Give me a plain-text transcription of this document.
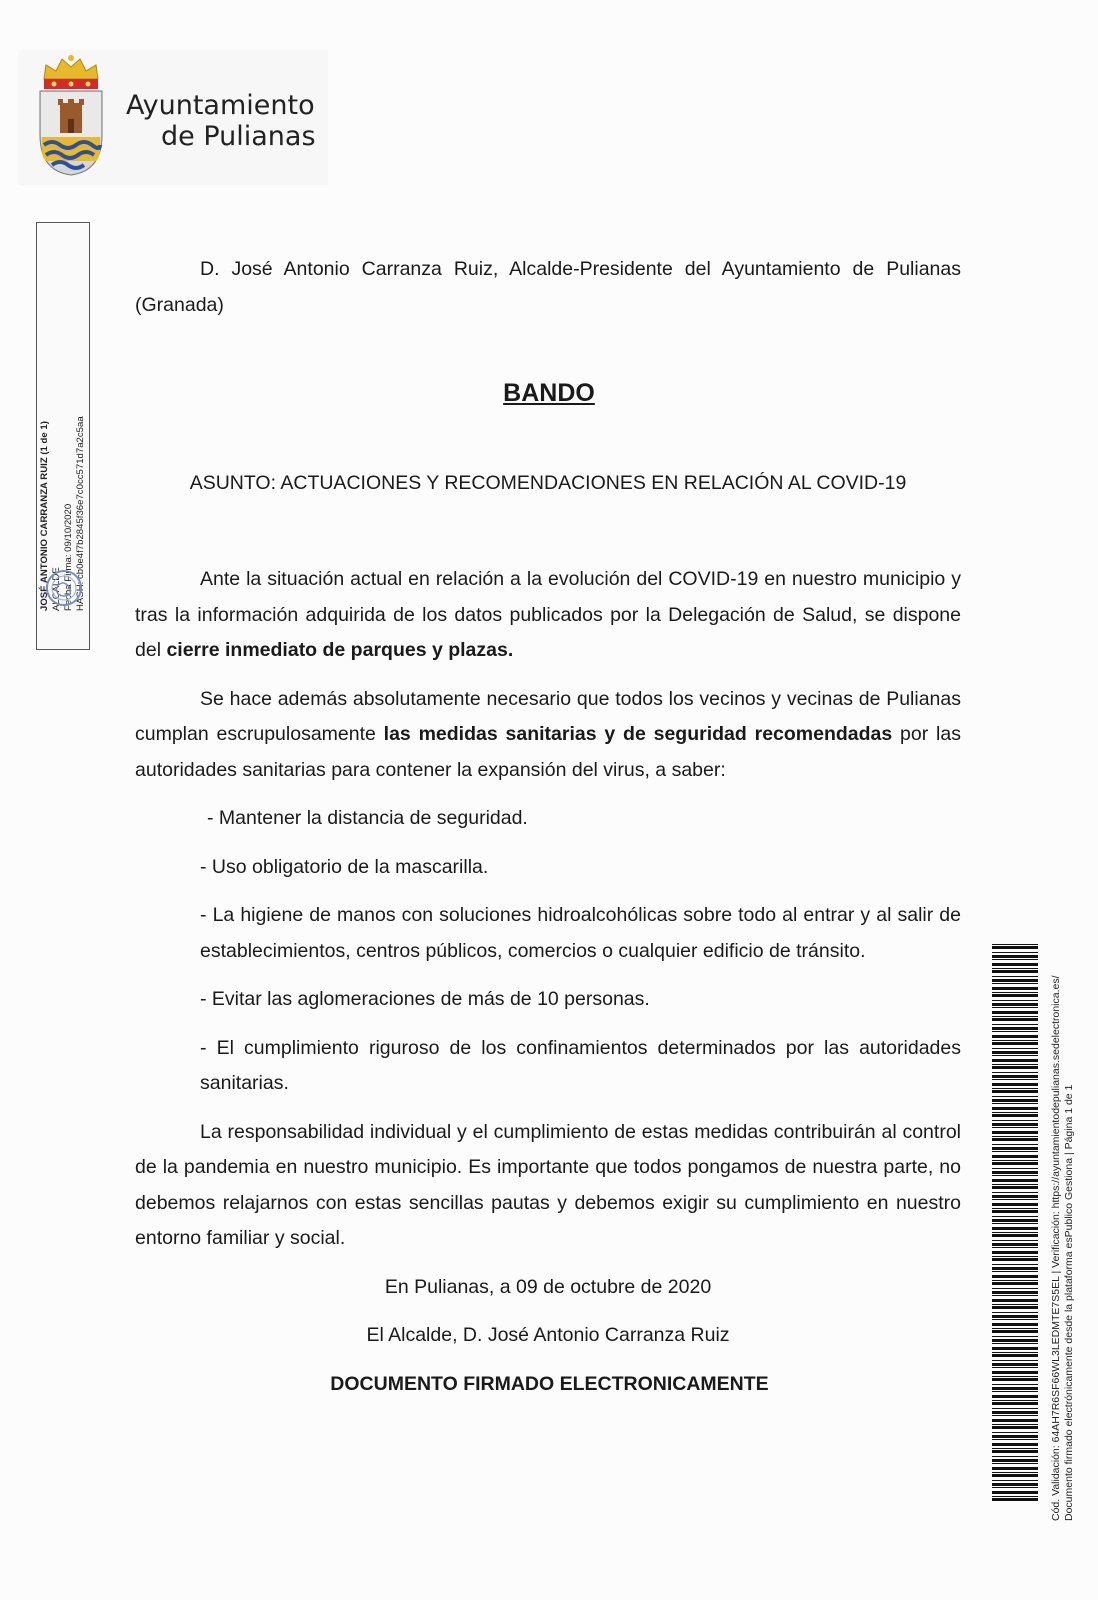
Ayuntamiento
de Pulianas
JOSÉ ANTONIO CARRANZA RUIZ (1 de 1) ALCALDE Fecha Firma: 09/10/2020 HASH: cb0e4f7b2845f36e7c0cc571d7a2c5aa

D. José Antonio Carranza Ruiz, Alcalde-Presidente del Ayuntamiento de Pulianas (Granada)

BANDO

ASUNTO: ACTUACIONES Y RECOMENDACIONES EN RELACIÓN AL COVID-19

Ante la situación actual en relación a la evolución del COVID-19 en nuestro municipio y tras la información adquirida de los datos publicados por la Delegación de Salud, se dispone del cierre inmediato de parques y plazas.

Se hace además absolutamente necesario que todos los vecinos y vecinas de Pulianas cumplan escrupulosamente las medidas sanitarias y de seguridad recomendadas por las autoridades sanitarias para contener la expansión del virus, a saber:

- Mantener la distancia de seguridad.

- Uso obligatorio de la mascarilla.

- La higiene de manos con soluciones hidroalcohólicas sobre todo al entrar y al salir de establecimientos, centros públicos, comercios o cualquier edificio de tránsito.

- Evitar las aglomeraciones de más de 10 personas.

- El cumplimiento riguroso de los confinamientos determinados por las autoridades sanitarias.

La responsabilidad individual y el cumplimiento de estas medidas contribuirán al control de la pandemia en nuestro municipio. Es importante que todos pongamos de nuestra parte, no debemos relajarnos con estas sencillas pautas y debemos exigir su cumplimiento en nuestro entorno familiar y social.

En Pulianas, a 09 de octubre de 2020

El Alcalde, D. José Antonio Carranza Ruiz

DOCUMENTO FIRMADO ELECTRONICAMENTE	Cód. Validación: 64AH7R6SF66WL3LEDMTE7S5EL | Verificación: https://ayuntamientodepulianas.sedelectronica.es/ Documento firmado electrónicamente desde la plataforma esPublico Gestiona | Página 1 de 1
